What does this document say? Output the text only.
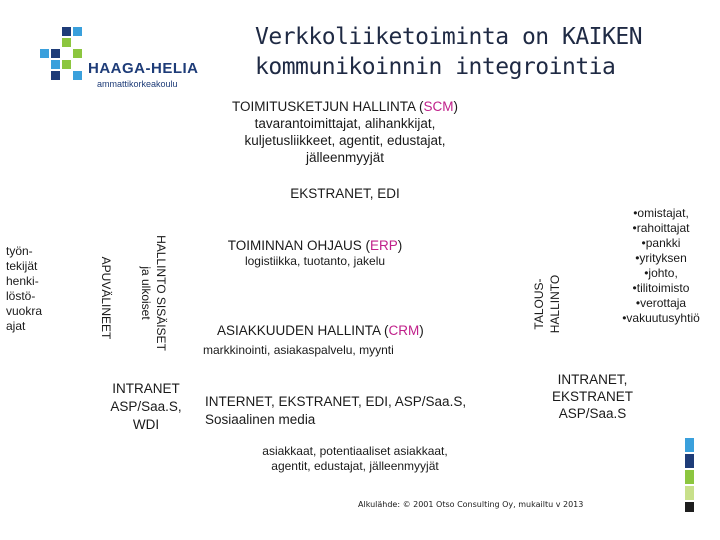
Verkkoliiketoiminta on KAIKEN
kommunikoinnin integrointia
HAAGA-HELIA
ammattikorkeakoulu
TOIMITUSKETJUN HALLINTA (SCM)
tavarantoimittajat, alihankkijat,
kuljetusliikkeet, agentit, edustajat,
jälleenmyyjät
EKSTRANET, EDI
työn-
tekijät
henki-
löstö-
vuokra
ajat	HALLINTO SISÄISET
ja ulkoiset
APUVÄLINEET	TALOUS- HALLINTO
TOIMINNAN OHJAUS (ERP)
logistiikka, tuotanto, jakelu
ASIAKKUUDEN HALLINTA (CRM)
markkinointi, asiakaspalvelu, myynti
•omistajat,
•rahoittajat
•pankki
•yrityksen
•johto,
•tilitoimisto
•verottaja
•vakuutusyhtiö
INTRANET
ASP/Saa.S,
WDI
INTERNET, EKSTRANET, EDI, ASP/Saa.S,
Sosiaalinen media
INTRANET,
EKSTRANET
ASP/Saa.S
asiakkaat, potentiaaliset asiakkaat,
agentit, edustajat, jälleenmyyjät
Alkulähde: © 2001 Otso Consulting Oy, mukailtu v 2013
